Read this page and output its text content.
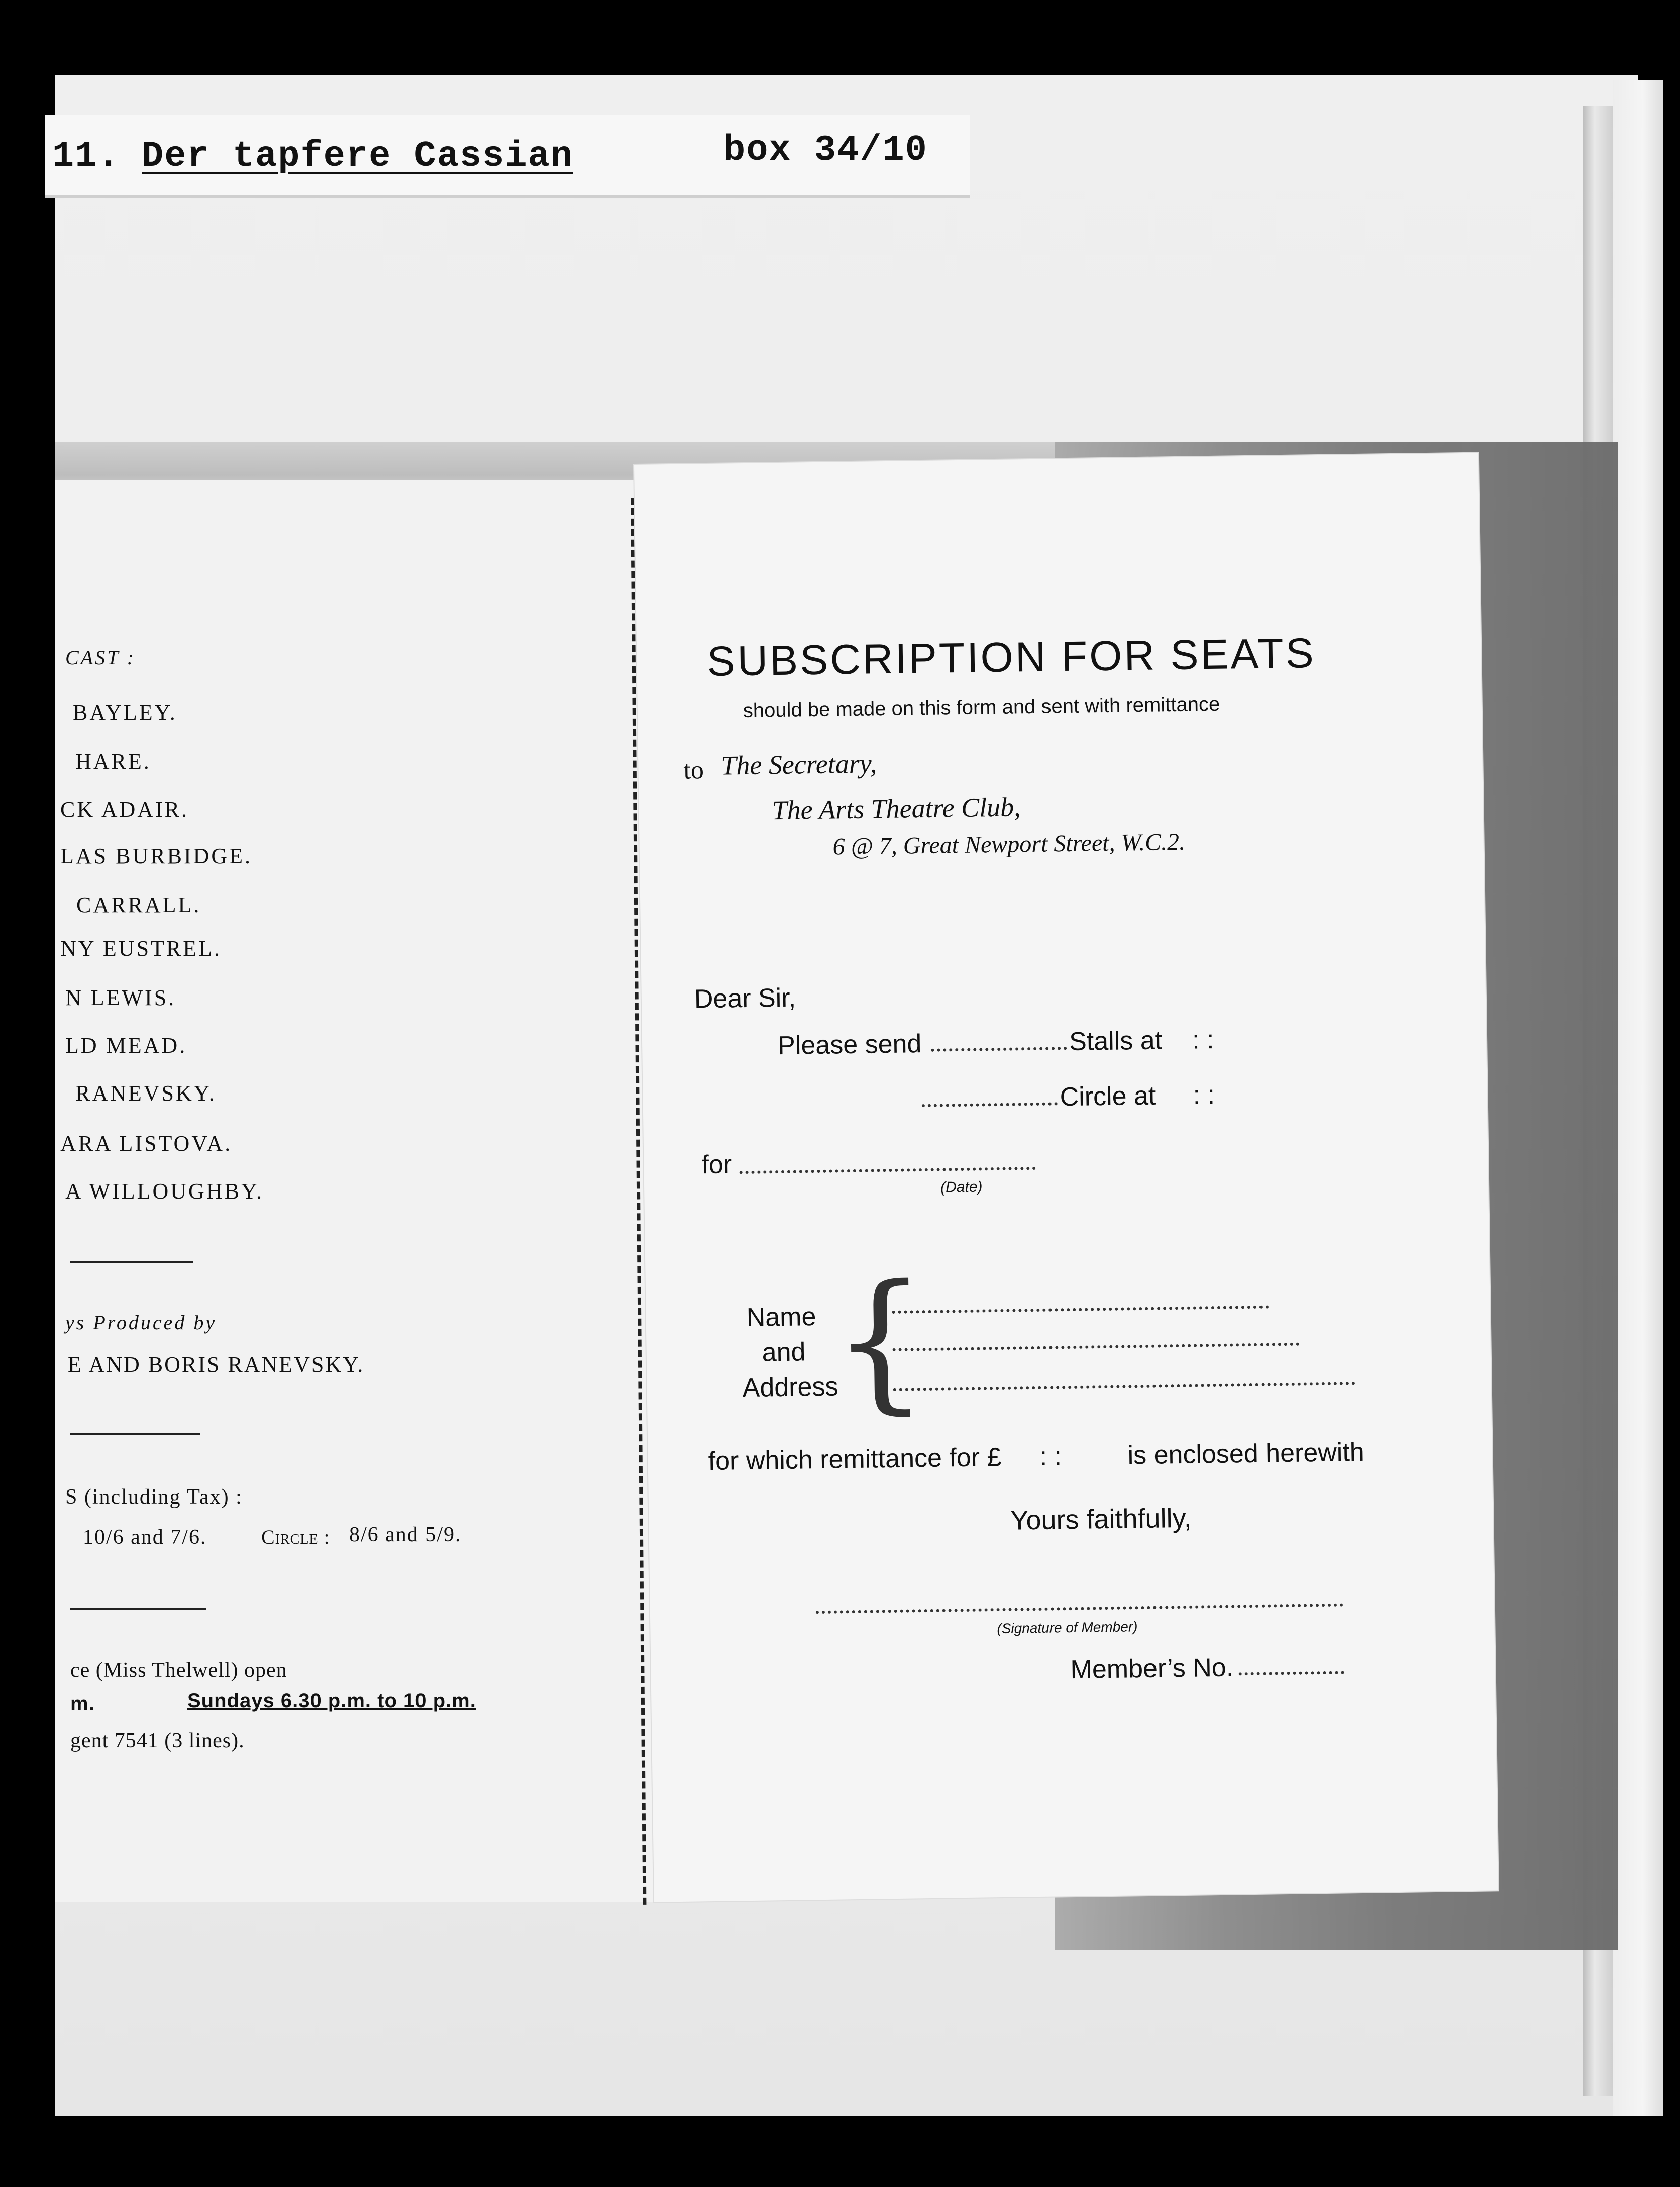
11. Der tapfere Cassian	box 34/10
CAST :
BAYLEY.
HARE.
CK ADAIR.
LAS BURBIDGE.
CARRALL.
NY EUSTREL.
N LEWIS.
LD MEAD.
RANEVSKY.
ARA LISTOVA.
A WILLOUGHBY.
ys Produced by
E AND BORIS RANEVSKY.
S (including Tax) :
10/6 and 7/6.	Circle : 8/6 and 5/9.
ce (Miss Thelwell) open
m.	Sundays 6.30 p.m. to 10 p.m.
gent 7541 (3 lines).
SUBSCRIPTION FOR SEATS
should be made on this form and sent with remittance
to The Secretary,
The Arts Theatre Club,
6 @ 7, Great Newport Street, W.C.2.
Dear Sir,
Please send	Stalls at : :
Circle at : :
for
(Date)
Name
and
Address
{
for which remittance for £ : :	is enclosed herewith
Yours faithfully,
(Signature of Member)
Member’s No.
